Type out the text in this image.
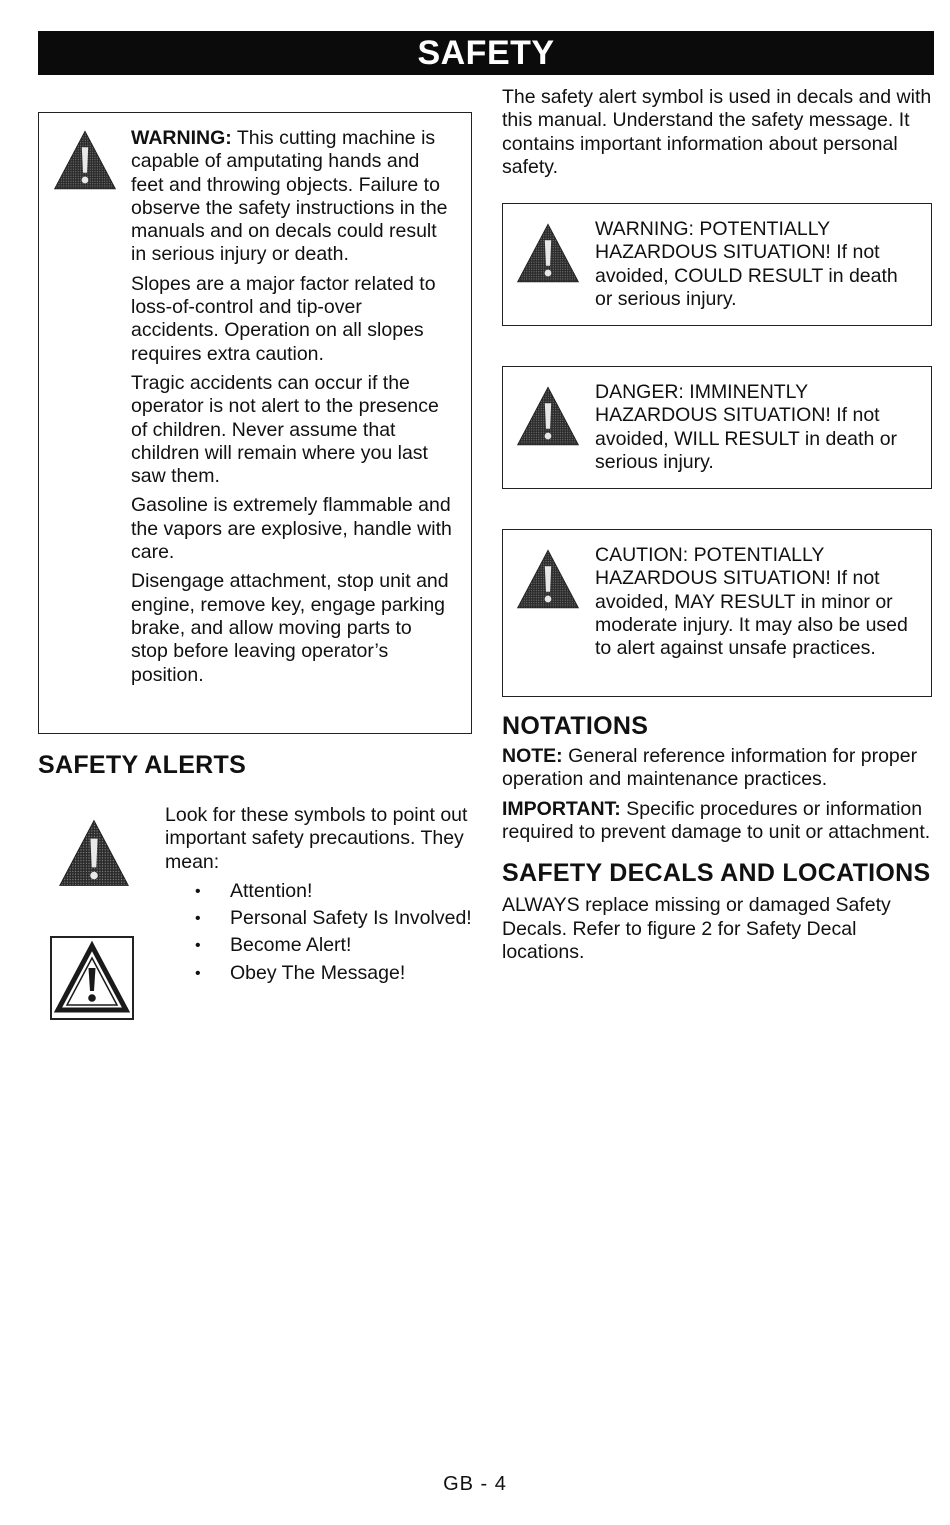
SAFETY

WARNING: This cutting machine is capable of amputating hands and feet and throwing objects. Failure to observe the safety instructions in the manuals and on decals could result in serious injury or death.

Slopes are a major factor related to loss-of-control and tip-over accidents. Operation on all slopes requires extra caution.

Tragic accidents can occur if the operator is not alert to the presence of children. Never assume that children will remain where you last saw them.

Gasoline is extremely flammable and the vapors are explosive, handle with care.

Disengage attachment, stop unit and engine, remove key, engage parking brake, and allow moving parts to stop before leaving operator’s position.

SAFETY ALERTS

Look for these symbols to point out important safety precautions. They mean:

• Attention!
• Personal Safety Is Involved!
• Become Alert!
• Obey The Message!
The safety alert symbol is used in decals and with this manual. Understand the safety message. It contains important information about personal safety.
WARNING: POTENTIALLY HAZARDOUS SITUATION! If not avoided, COULD RESULT in death or serious injury.
DANGER: IMMINENTLY HAZARDOUS SITUATION! If not avoided, WILL RESULT in death or serious injury.
CAUTION: POTENTIALLY HAZARDOUS SITUATION! If not avoided, MAY RESULT in minor or moderate injury. It may also be used to alert against unsafe practices.
NOTATIONS

NOTE: General reference information for proper operation and maintenance practices.

IMPORTANT: Specific procedures or information required to prevent damage to unit or attachment.

SAFETY DECALS AND LOCATIONS
ALWAYS replace missing or damaged Safety Decals. Refer to figure 2 for Safety Decal locations.
GB - 4
